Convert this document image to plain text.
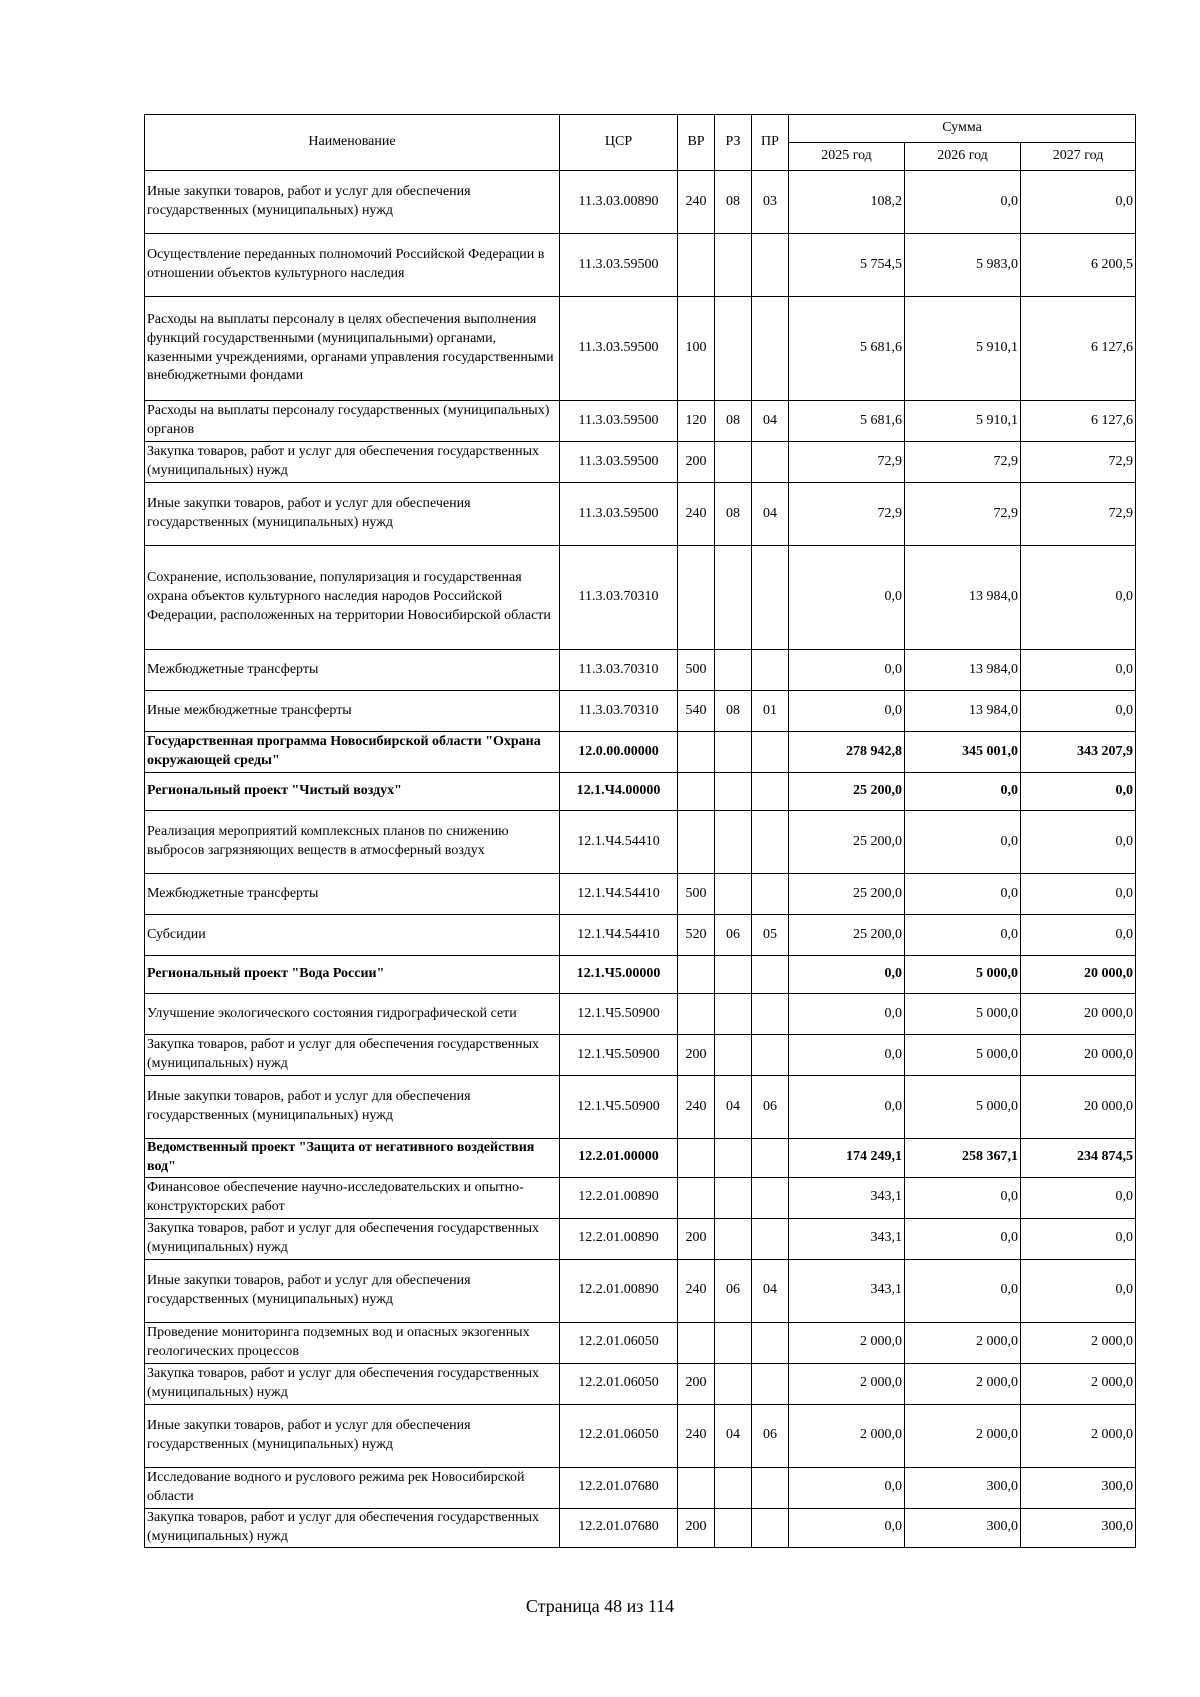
Наименование	ЦСР	ВР	РЗ	ПР	Сумма		
					2025 год	2026 год	2027 год
Иные закупки товаров, работ и услуг для обеспечения государственных (муниципальных) нужд	11.3.03.00890	240	08	03	108,2	0,0	0,0
Осуществление переданных полномочий Российской Федерации в отношении объектов культурного наследия	11.3.03.59500				5 754,5	5 983,0	6 200,5
Расходы на выплаты персоналу в целях обеспечения выполнения функций государственными (муниципальными) органами, казенными учреждениями, органами управления государственными внебюджетными фондами	11.3.03.59500	100			5 681,6	5 910,1	6 127,6
Расходы на выплаты персоналу государственных (муниципальных) органов	11.3.03.59500	120	08	04	5 681,6	5 910,1	6 127,6
Закупка товаров, работ и услуг для обеспечения государственных (муниципальных) нужд	11.3.03.59500	200			72,9	72,9	72,9
Иные закупки товаров, работ и услуг для обеспечения государственных (муниципальных) нужд	11.3.03.59500	240	08	04	72,9	72,9	72,9
Сохранение, использование, популяризация и государственная охрана объектов культурного наследия народов Российской Федерации, расположенных на территории Новосибирской области	11.3.03.70310				0,0	13 984,0	0,0
Межбюджетные трансферты	11.3.03.70310	500			0,0	13 984,0	0,0
Иные межбюджетные трансферты	11.3.03.70310	540	08	01	0,0	13 984,0	0,0
Государственная программа Новосибирской области "Охрана окружающей среды"	12.0.00.00000				278 942,8	345 001,0	343 207,9
Региональный проект "Чистый воздух"	12.1.Ч4.00000				25 200,0	0,0	0,0
Реализация мероприятий комплексных планов по снижению выбросов загрязняющих веществ в атмосферный воздух	12.1.Ч4.54410				25 200,0	0,0	0,0
Межбюджетные трансферты	12.1.Ч4.54410	500			25 200,0	0,0	0,0
Субсидии	12.1.Ч4.54410	520	06	05	25 200,0	0,0	0,0
Региональный проект "Вода России"	12.1.Ч5.00000				0,0	5 000,0	20 000,0
Улучшение экологического состояния гидрографической сети	12.1.Ч5.50900				0,0	5 000,0	20 000,0
Закупка товаров, работ и услуг для обеспечения государственных (муниципальных) нужд	12.1.Ч5.50900	200			0,0	5 000,0	20 000,0
Иные закупки товаров, работ и услуг для обеспечения государственных (муниципальных) нужд	12.1.Ч5.50900	240	04	06	0,0	5 000,0	20 000,0
Ведомственный проект "Защита от негативного воздействия вод"	12.2.01.00000				174 249,1	258 367,1	234 874,5
Финансовое обеспечение научно-исследовательских и опытно-конструкторских работ	12.2.01.00890				343,1	0,0	0,0
Закупка товаров, работ и услуг для обеспечения государственных (муниципальных) нужд	12.2.01.00890	200			343,1	0,0	0,0
Иные закупки товаров, работ и услуг для обеспечения государственных (муниципальных) нужд	12.2.01.00890	240	06	04	343,1	0,0	0,0
Проведение мониторинга подземных вод и опасных экзогенных геологических процессов	12.2.01.06050				2 000,0	2 000,0	2 000,0
Закупка товаров, работ и услуг для обеспечения государственных (муниципальных) нужд	12.2.01.06050	200			2 000,0	2 000,0	2 000,0
Иные закупки товаров, работ и услуг для обеспечения государственных (муниципальных) нужд	12.2.01.06050	240	04	06	2 000,0	2 000,0	2 000,0
Исследование водного и руслового режима рек Новосибирской области	12.2.01.07680				0,0	300,0	300,0
Закупка товаров, работ и услуг для обеспечения государственных (муниципальных) нужд	12.2.01.07680	200			0,0	300,0	300,0
Страница 48 из 114
